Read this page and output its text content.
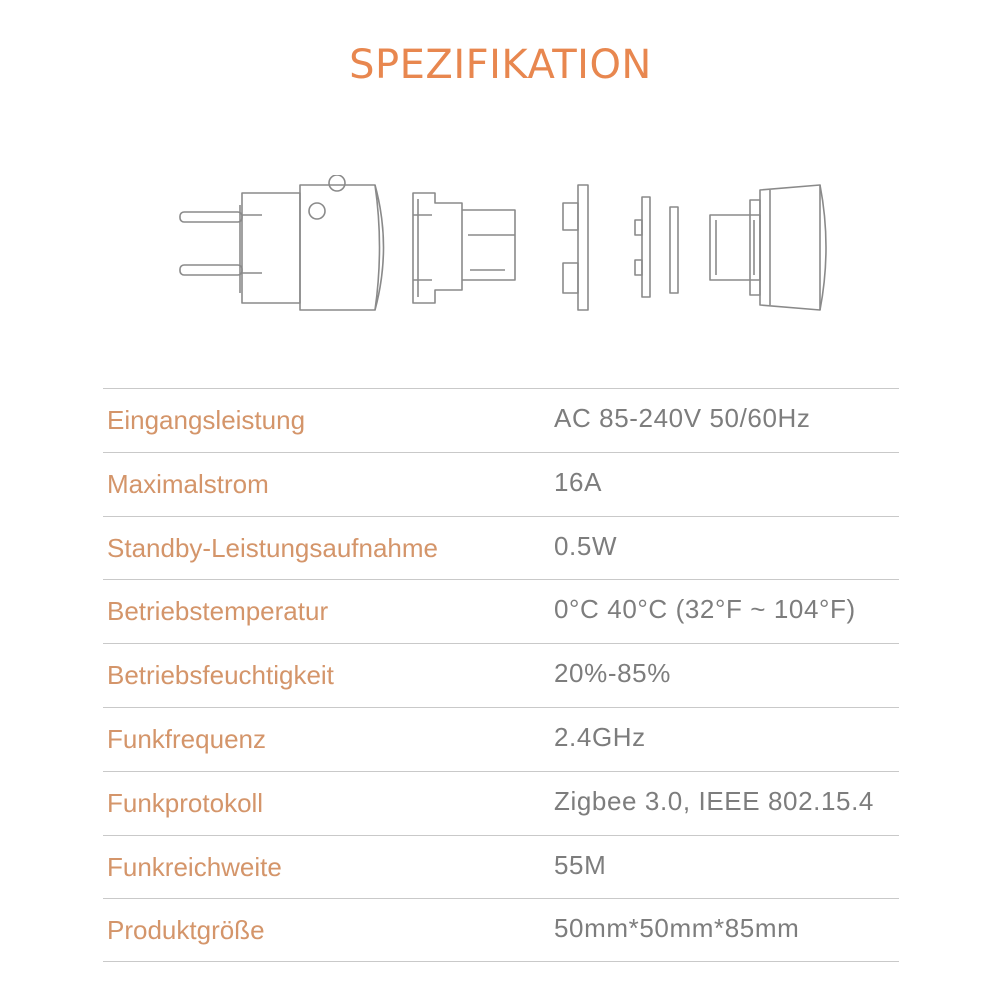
SPEZIFIKATION
Eingangsleistung	AC 85-240V 50/60Hz
Maximalstrom	16A
Standby-Leistungsaufnahme	0.5W
Betriebstemperatur	0°C 40°C (32°F ~ 104°F)
Betriebsfeuchtigkeit	20%-85%
Funkfrequenz	2.4GHz
Funkprotokoll	Zigbee 3.0, IEEE 802.15.4
Funkreichweite	55M
Produktgröße	50mm*50mm*85mm
